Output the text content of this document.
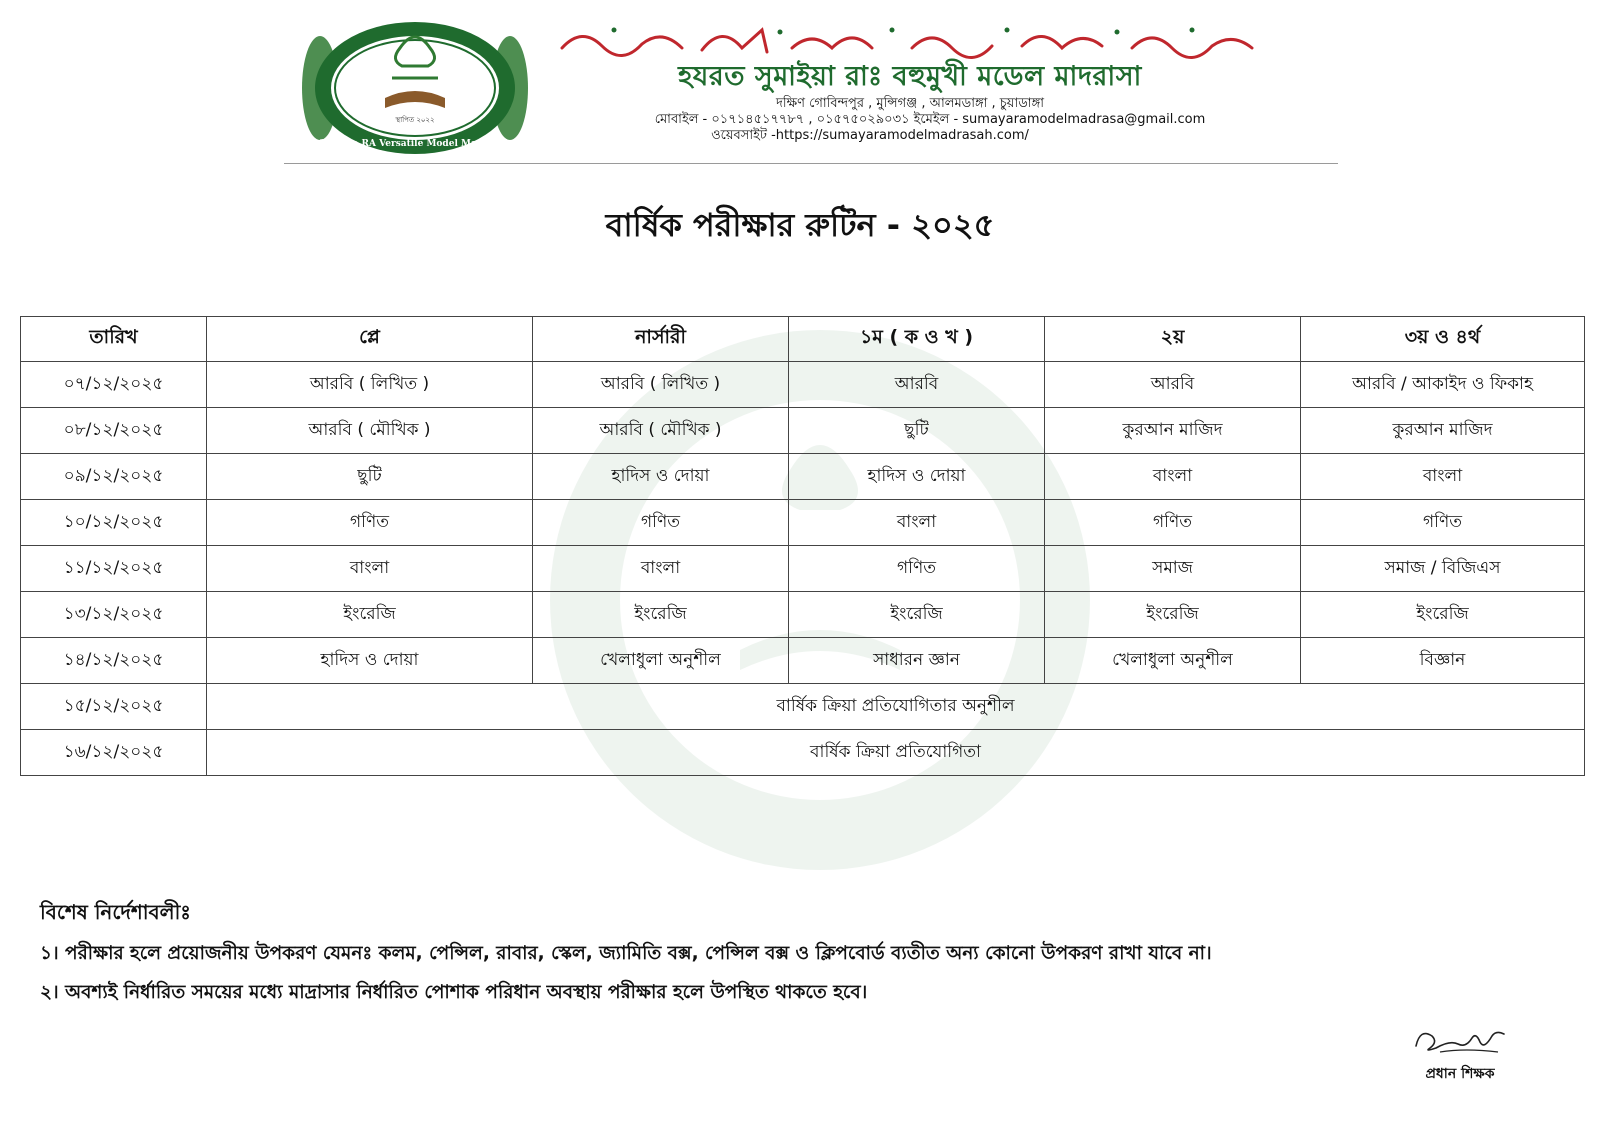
স্থাপিত ২০২২
Sumaya RA Versatile Model Madrasah
হযরত সুমাইয়া রাঃ বহুমুখী মডেল মাদরাসা
দক্ষিণ গোবিন্দপুর , মুন্সিগঞ্জ , আলমডাঙ্গা , চুয়াডাঙ্গা
মোবাইল - ০১৭১৪৫১৭৭৮৭ , ০১৫৭৫০২৯০৩১ ইমেইল - sumayaramodelmadrasa@gmail.com
ওয়েবসাইট -https://sumayaramodelmadrasah.com/
বার্ষিক পরীক্ষার রুটিন - ২০২৫
তারিখ	প্লে	নার্সারী	১ম ( ক ও খ )	২য়	৩য় ও ৪র্থ
০৭/১২/২০২৫	আরবি ( লিখিত )	আরবি ( লিখিত )	আরবি	আরবি	আরবি / আকাইদ ও ফিকাহ
০৮/১২/২০২৫	আরবি ( মৌখিক )	আরবি ( মৌখিক )	ছুটি	কুরআন মাজিদ	কুরআন মাজিদ
০৯/১২/২০২৫	ছুটি	হাদিস ও দোয়া	হাদিস ও দোয়া	বাংলা	বাংলা
১০/১২/২০২৫	গণিত	গণিত	বাংলা	গণিত	গণিত
১১/১২/২০২৫	বাংলা	বাংলা	গণিত	সমাজ	সমাজ / বিজিএস
১৩/১২/২০২৫	ইংরেজি	ইংরেজি	ইংরেজি	ইংরেজি	ইংরেজি
১৪/১২/২০২৫	হাদিস ও দোয়া	খেলাধুলা অনুশীল	সাধারন জ্ঞান	খেলাধুলা অনুশীল	বিজ্ঞান
১৫/১২/২০২৫	বার্ষিক ক্রিয়া প্রতিযোগিতার অনুশীল				
১৬/১২/২০২৫	বার্ষিক ক্রিয়া প্রতিযোগিতা				
বিশেষ নির্দেশাবলীঃ
১। পরীক্ষার হলে প্রয়োজনীয় উপকরণ যেমনঃ কলম, পেন্সিল, রাবার, স্কেল, জ্যামিতি বক্স, পেন্সিল বক্স ও ক্লিপবোর্ড ব্যতীত অন্য কোনো উপকরণ রাখা যাবে না।
২। অবশ্যই নির্ধারিত সময়ের মধ্যে মাদ্রাসার নির্ধারিত পোশাক পরিধান অবস্থায় পরীক্ষার হলে উপস্থিত থাকতে হবে।
প্রধান শিক্ষক
